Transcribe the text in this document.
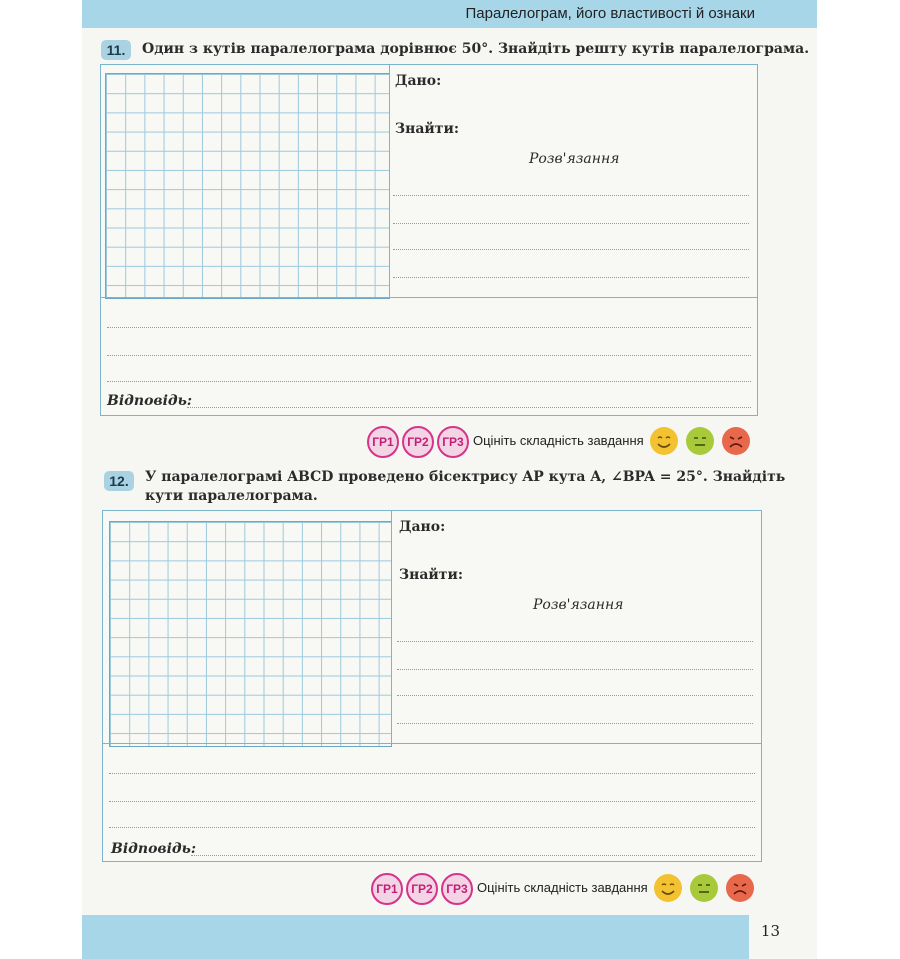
Паралелограм, його властивості й ознаки
11.	Один з кутів паралелограма дорівнює 50°. Знайдіть решту кутів паралелограма.
Дано:
Знайти:
Розв'язання
Відповідь:
ГР1	ГР2	ГР3 Оцініть складність завдання
12.	У паралелограмі ABCD проведено бісектрису AP кута A, ∠BPA = 25°. Знайдіть
кути паралелограма.
Дано:
Знайти:
Розв'язання
Відповідь:
ГР1	ГР2	ГР3 Оцініть складність завдання
13
